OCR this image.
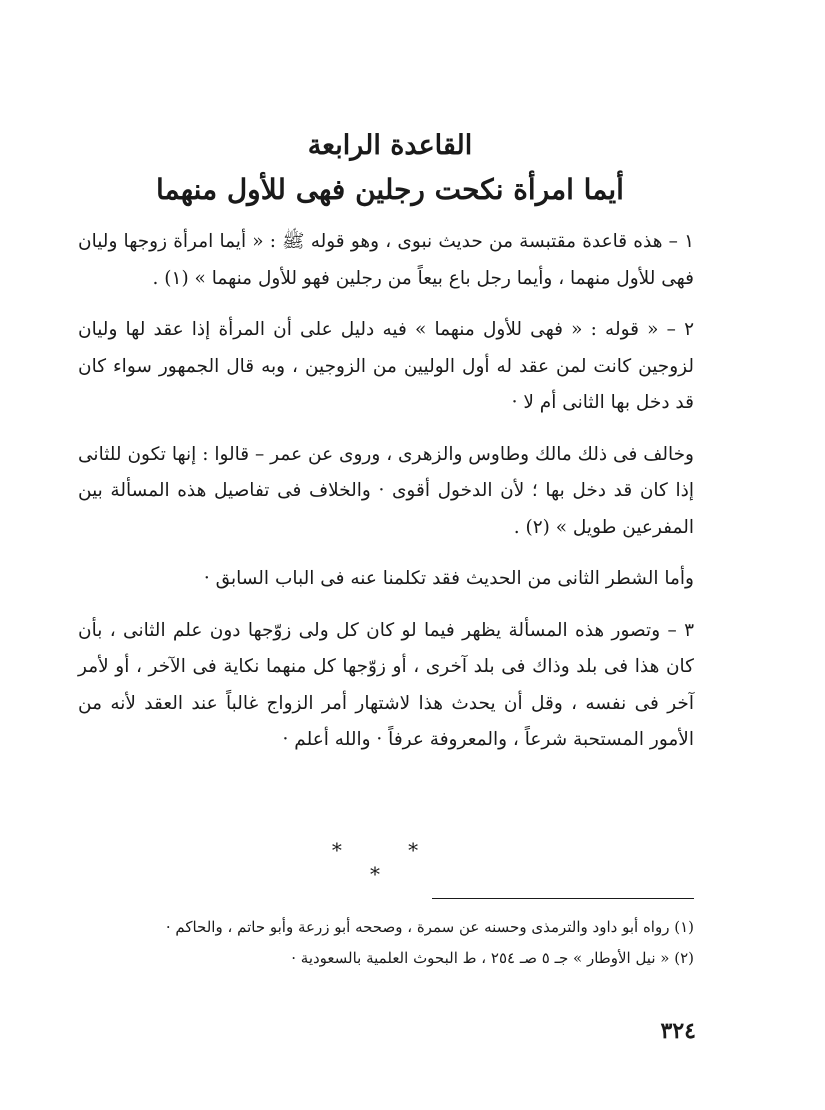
القاعدة الرابعة
أيما امرأة نكحت رجلين فهى للأول منهما

١ – هذه قاعدة مقتبسة من حديث نبوى ، وهو قوله ﷺ : « أيما امرأة زوجها وليان فهى للأول منهما ، وأيما رجل باع بيعاً من رجلين فهو للأول منهما » (١) .

٢ – « قوله : « فهى للأول منهما » فيه دليل على أن المرأة إذا عقد لها وليان لزوجين كانت لمن عقد له أول الوليين من الزوجين ، وبه قال الجمهور سواء كان قد دخل بها الثانى أم لا ·

وخالف فى ذلك مالك وطاوس والزهرى ، وروى عن عمر – قالوا : إنها تكون للثانى إذا كان قد دخل بها ؛ لأن الدخول أقوى · والخلاف فى تفاصيل هذه المسألة بين المفرعين طويل » (٢) .

وأما الشطر الثانى من الحديث فقد تكلمنا عنه فى الباب السابق ·

٣ – وتصور هذه المسألة يظهر فيما لو كان كل ولى زوّجها دون علم الثانى ، بأن كان هذا فى بلد وذاك فى بلد آخرى ، أو زوّجها كل منهما نكاية فى الآخر ، أو لأمر آخر فى نفسه ، وقل أن يحدث هذا لاشتهار أمر الزواج غالباً عند العقد لأنه من الأمور المستحبة شرعاً ، والمعروفة عرفاً · والله أعلم ·

* * *

(١) رواه أبو داود والترمذى وحسنه عن سمرة ، وصححه أبو زرعة وأبو حاتم ، والحاكم ·

(٢) « نيل الأوطار » جـ ٥ صـ ٢٥٤ ، ط البحوث العلمية بالسعودية ·

٣٢٤
